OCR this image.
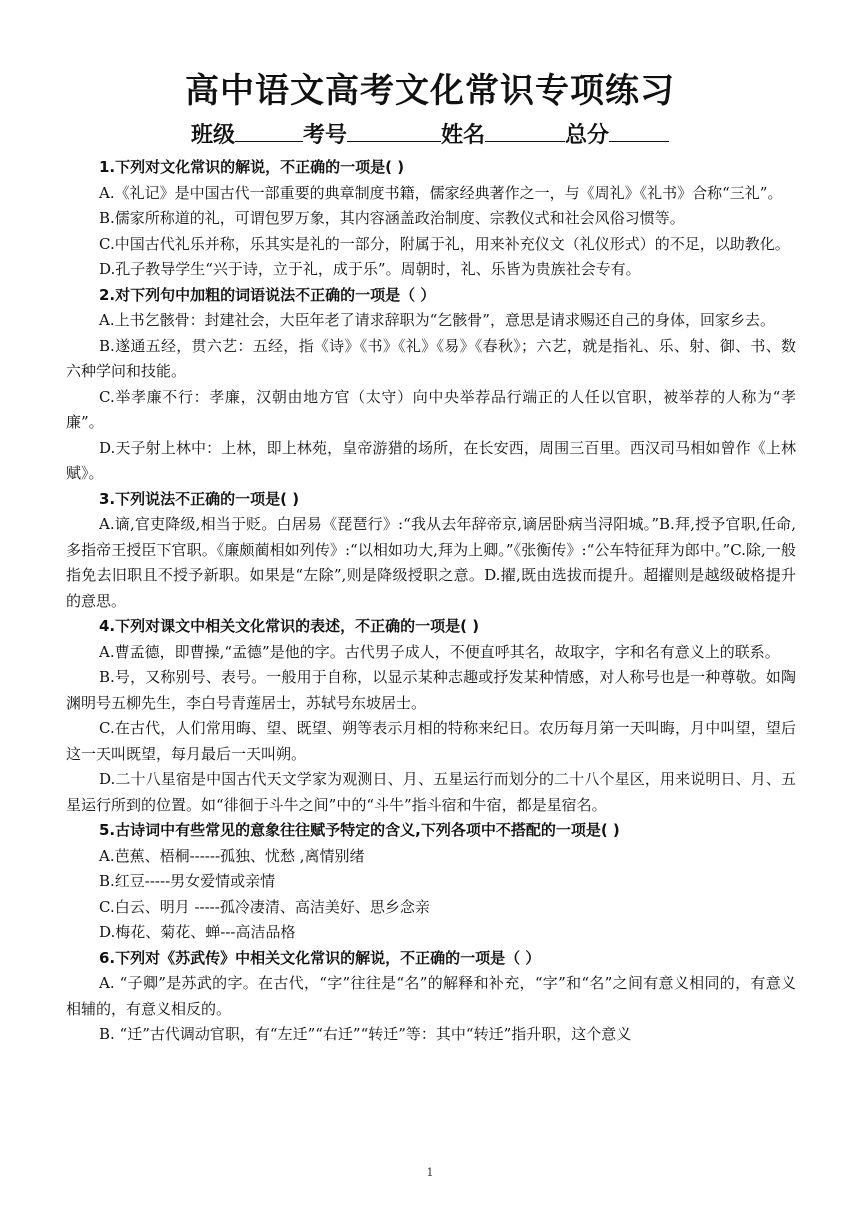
高中语文高考文化常识专项练习
班级	考号	姓名	总分

1.下列对文化常识的解说，不正确的一项是( )

A.《礼记》是中国古代一部重要的典章制度书籍，儒家经典著作之一，与《周礼》《礼书》合称“三礼”。

B.儒家所称道的礼，可谓包罗万象，其内容涵盖政治制度、宗教仪式和社会风俗习惯等。

C.中国古代礼乐并称，乐其实是礼的一部分，附属于礼，用来补充仪文（礼仪形式）的不足，以助教化。

D.孔子教导学生“兴于诗，立于礼，成于乐”。周朝时，礼、乐皆为贵族社会专有。

2.对下列句中加粗的词语说法不正确的一项是（ ）

A.上书乞骸骨：封建社会，大臣年老了请求辞职为“乞骸骨”，意思是请求赐还自己的身体，回家乡去。

B.遂通五经，贯六艺：五经，指《诗》《书》《礼》《易》《春秋》；六艺，就是指礼、乐、射、御、书、数六种学问和技能。

C.举孝廉不行：孝廉，汉朝由地方官（太守）向中央举荐品行端正的人任以官职，被举荐的人称为“孝廉”。

D.天子射上林中：上林，即上林苑，皇帝游猎的场所，在长安西，周围三百里。西汉司马相如曾作《上林赋》。

3.下列说法不正确的一项是( )

A.谪,官吏降级,相当于贬。白居易《琵琶行》:“我从去年辞帝京,谪居卧病当浔阳城。”B.拜,授予官职,任命,多指帝王授臣下官职。《廉颇蔺相如列传》:“以相如功大,拜为上卿。”《张衡传》:“公车特征拜为郎中。”C.除,一般指免去旧职且不授予新职。如果是“左除”,则是降级授职之意。D.擢,既由选拔而提升。超擢则是越级破格提升的意思。

4.下列对课文中相关文化常识的表述，不正确的一项是( )

A.曹孟德，即曹操,“孟德”是他的字。古代男子成人，不便直呼其名，故取字，字和名有意义上的联系。

B.号，又称别号、表号。一般用于自称，以显示某种志趣或抒发某种情感，对人称号也是一种尊敬。如陶渊明号五柳先生，李白号青莲居士，苏轼号东坡居士。

C.在古代，人们常用晦、望、既望、朔等表示月相的特称来纪日。农历每月第一天叫晦，月中叫望，望后这一天叫既望，每月最后一天叫朔。

D.二十八星宿是中国古代天文学家为观测日、月、五星运行而划分的二十八个星区，用来说明日、月、五星运行所到的位置。如“徘徊于斗牛之间”中的“斗牛”指斗宿和牛宿，都是星宿名。

5.古诗词中有些常见的意象往往赋予特定的含义,下列各项中不搭配的一项是( )

A.芭蕉、梧桐------孤独、忧愁 ,离情别绪

B.红豆-----男女爱情或亲情

C.白云、明月 -----孤冷凄清、高洁美好、思乡念亲

D.梅花、菊花、蝉---高洁品格

6.下列对《苏武传》中相关文化常识的解说，不正确的一项是（ ）

A. “子卿”是苏武的字。在古代，“字”往往是“名”的解释和补充，“字”和“名”之间有意义相同的，有意义相辅的，有意义相反的。

B. “迁”古代调动官职，有“左迁”“右迁”“转迁”等：其中“转迁”指升职，这个意义

1
